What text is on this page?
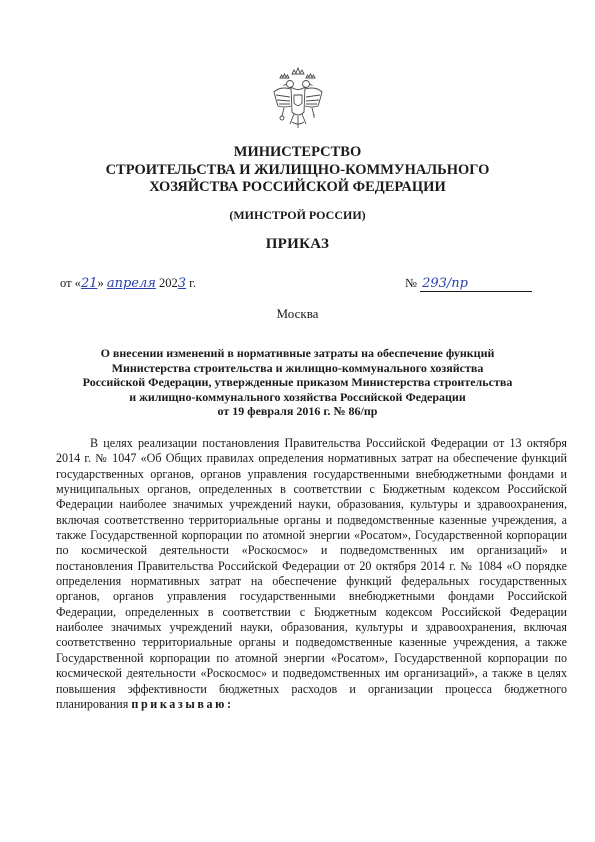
МИНИСТЕРСТВО
СТРОИТЕЛЬСТВА И ЖИЛИЩНО-КОММУНАЛЬНОГО
ХОЗЯЙСТВА РОССИЙСКОЙ ФЕДЕРАЦИИ
(МИНСТРОЙ РОССИИ)
ПРИКАЗ
от «21» апреля 2023 г.	№ 293/пр
Москва
О внесении изменений в нормативные затраты на обеспечение функций
Министерства строительства и жилищно-коммунального хозяйства
Российской Федерации, утвержденные приказом Министерства строительства
и жилищно-коммунального хозяйства Российской Федерации
от 19 февраля 2016 г. № 86/пр

В целях реализации постановления Правительства Российской Федерации от 13 октября 2014 г. № 1047 «Об Общих правилах определения нормативных затрат на обеспечение функций государственных органов, органов управления государственными внебюджетными фондами и муниципальных органов, определенных в соответствии с Бюджетным кодексом Российской Федерации наиболее значимых учреждений науки, образования, культуры и здравоохранения, включая соответственно территориальные органы и подведомственные казенные учреждения, а также Государственной корпорации по атомной энергии «Росатом», Государственной корпорации по космической деятельности «Роскосмос» и подведомственных им организаций» и постановления Правительства Российской Федерации от 20 октября 2014 г. № 1084 «О порядке определения нормативных затрат на обеспечение функций федеральных государственных органов, органов управления государственными внебюджетными фондами Российской Федерации, определенных в соответствии с Бюджетным кодексом Российской Федерации наиболее значимых учреждений науки, образования, культуры и здравоохранения, включая соответственно территориальные органы и подведомственные казенные учреждения, а также Государственной корпорации по атомной энергии «Росатом», Государственной корпорации по космической деятельности «Роскосмос» и подведомственных им организаций», а также в целях повышения эффективности бюджетных расходов и организации процесса бюджетного планирования приказываю:
